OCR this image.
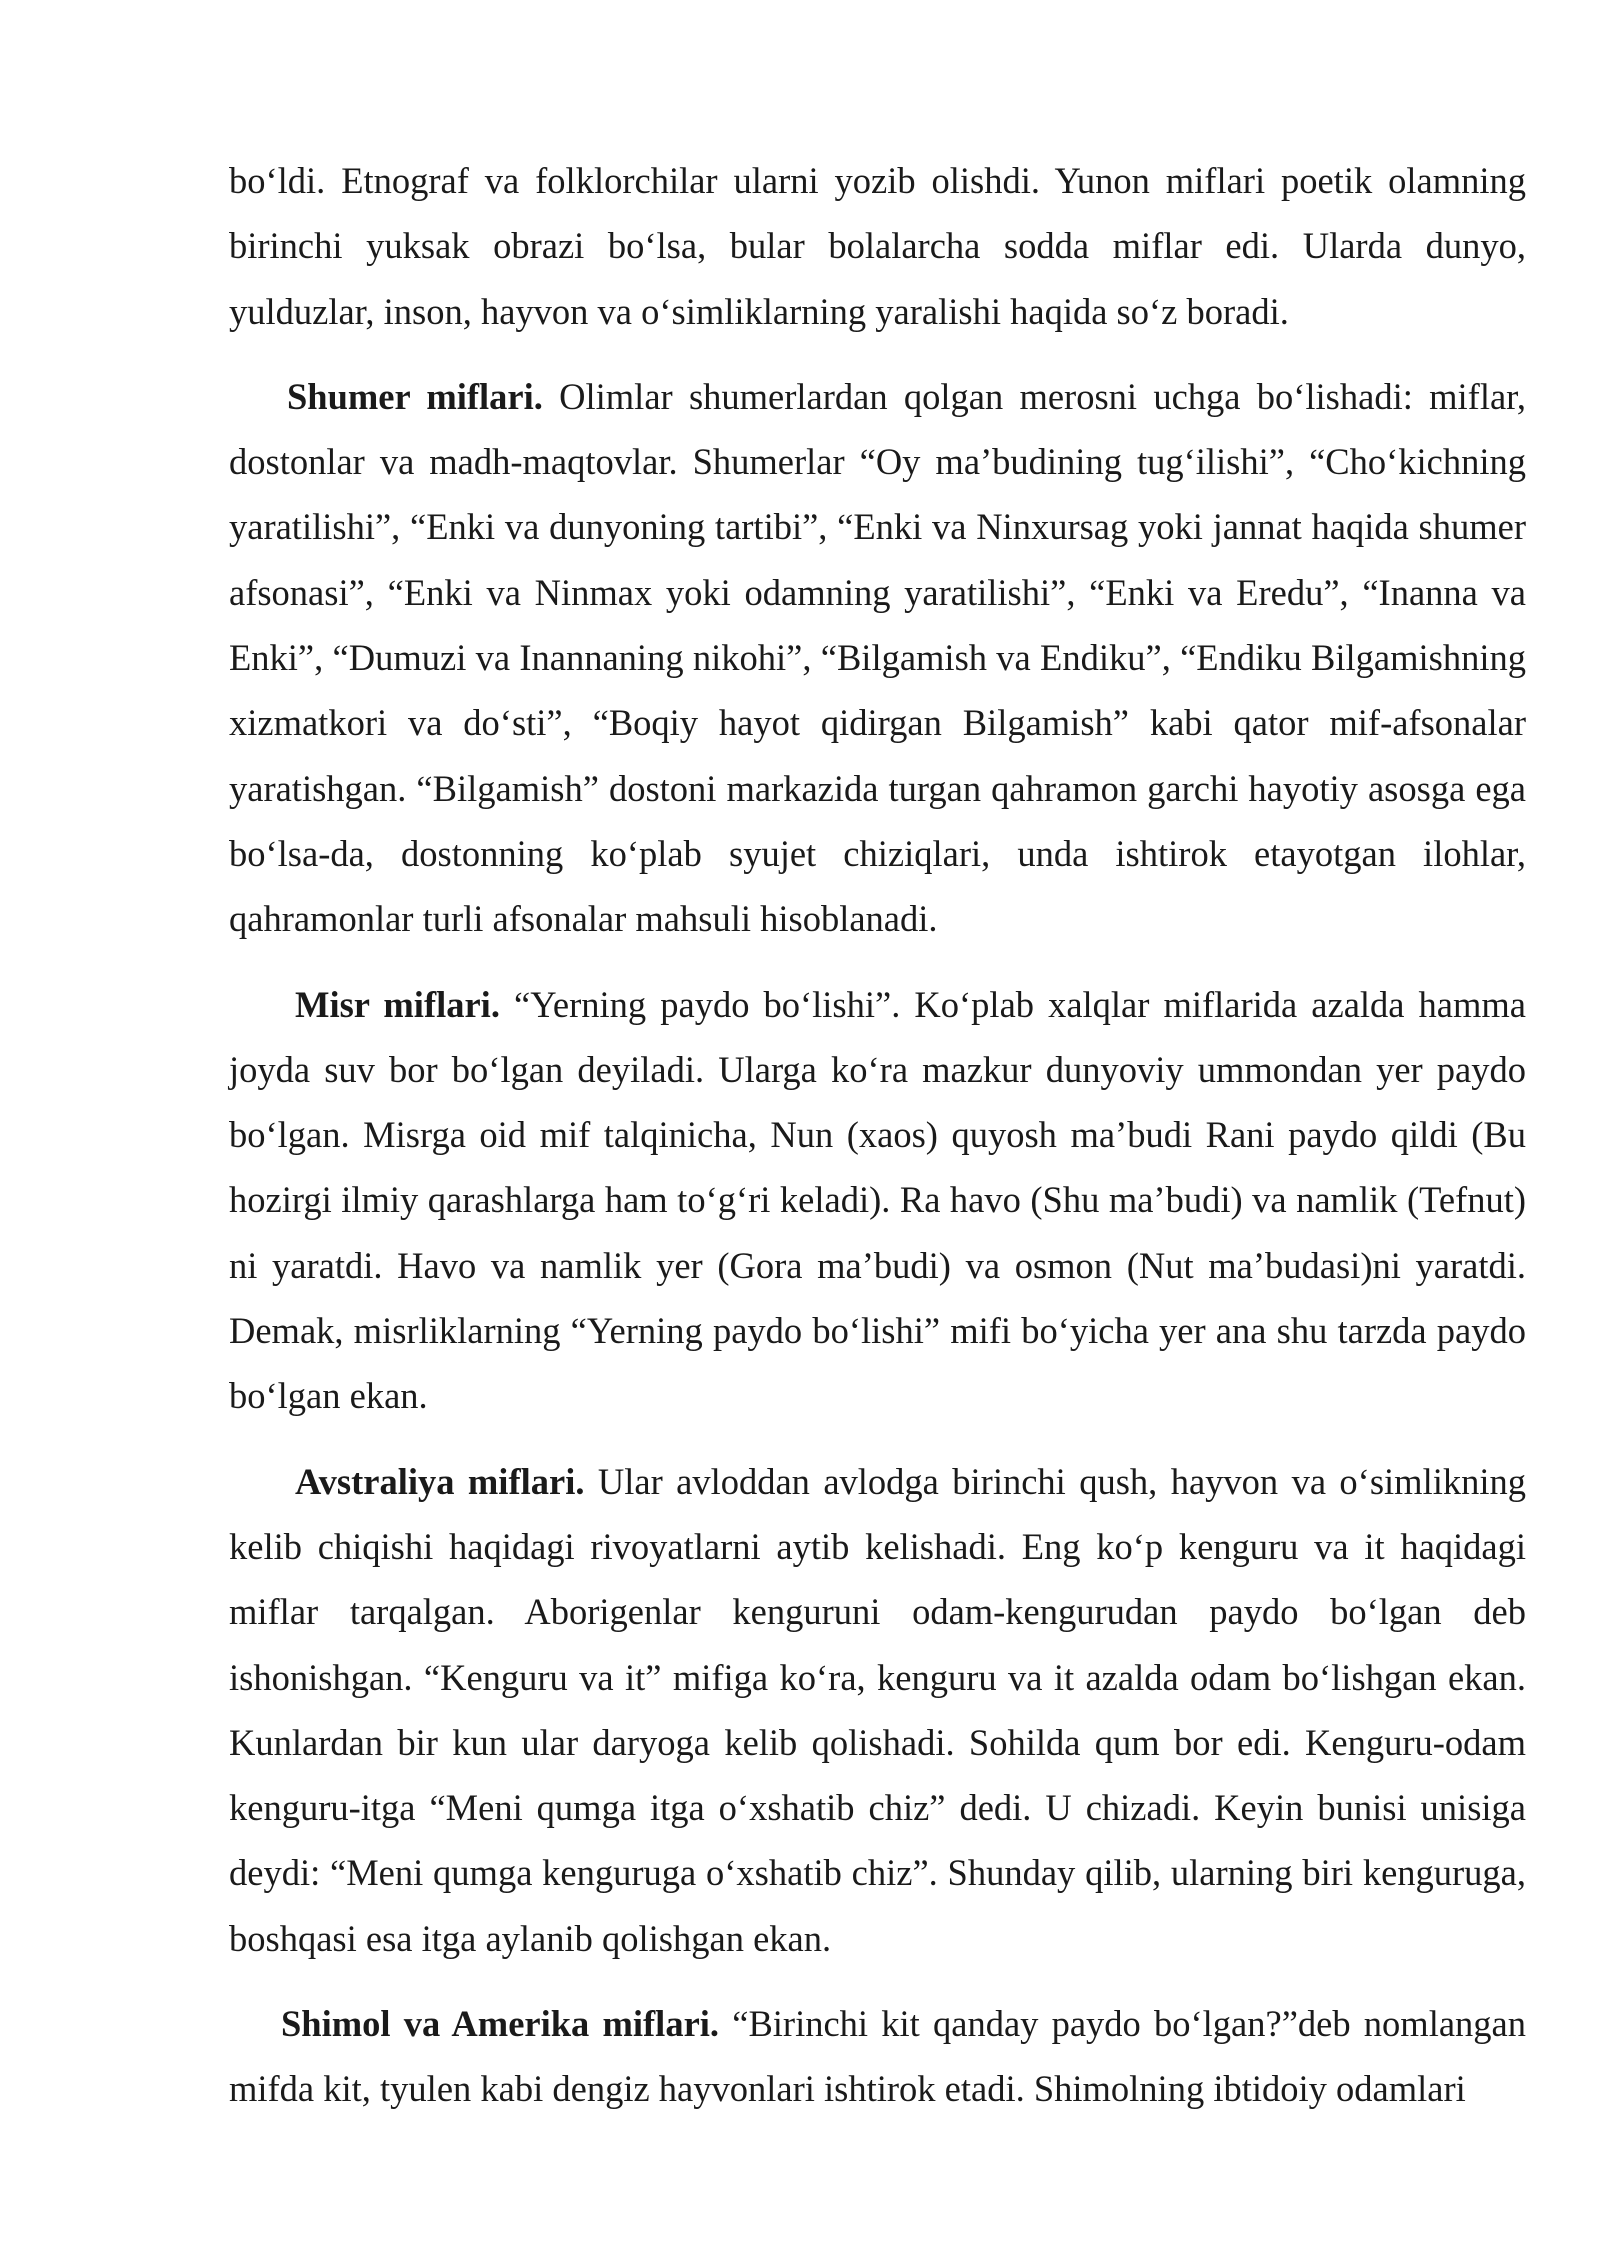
bo‘ldi. Etnograf va folklorchilar ularni yozib olishdi. Yunon miflari poetik olamning birinchi yuksak obrazi bo‘lsa, bular bolalarcha sodda miflar edi. Ularda dunyo, yulduzlar, inson, hayvon va o‘simliklarning yaralishi haqida so‘z boradi.

Shumer miflari. Olimlar shumerlardan qolgan merosni uchga bo‘lishadi: miflar, dostonlar va madh-maqtovlar. Shumerlar “Oy ma’budining tug‘ilishi”, “Cho‘kichning yaratilishi”, “Enki va dunyoning tartibi”, “Enki va Ninxursag yoki jannat haqida shumer afsonasi”, “Enki va Ninmax yoki odamning yaratilishi”, “Enki va Eredu”, “Inanna va Enki”, “Dumuzi va Inannaning nikohi”, “Bilgamish va Endiku”, “Endiku Bilgamishning xizmatkori va do‘sti”, “Boqiy hayot qidirgan Bilgamish” kabi qator mif-afsonalar yaratishgan. “Bilgamish” dostoni markazida turgan qahramon garchi hayotiy asosga ega bo‘lsa-da, dostonning ko‘plab syujet chiziqlari, unda ishtirok etayotgan ilohlar, qahramonlar turli afsonalar mahsuli hisoblanadi.

Misr miflari. “Yerning paydo bo‘lishi”. Ko‘plab xalqlar miflarida azalda hamma joyda suv bor bo‘lgan deyiladi. Ularga ko‘ra mazkur dunyoviy ummondan yer paydo bo‘lgan. Misrga oid mif talqinicha, Nun (xaos) quyosh ma’budi Rani paydo qildi (Bu hozirgi ilmiy qarashlarga ham to‘g‘ri keladi). Ra havo (Shu ma’budi) va namlik (Tefnut) ni yaratdi. Havo va namlik yer (Gora ma’budi) va osmon (Nut ma’budasi)ni yaratdi. Demak, misrliklarning “Yerning paydo bo‘lishi” mifi bo‘yicha yer ana shu tarzda paydo bo‘lgan ekan.

Avstraliya miflari. Ular avloddan avlodga birinchi qush, hayvon va o‘simlikning kelib chiqishi haqidagi rivoyatlarni aytib kelishadi. Eng ko‘p kenguru va it haqidagi miflar tarqalgan. Aborigenlar kenguruni odam-kengurudan paydo bo‘lgan deb ishonishgan. “Kenguru va it” mifiga ko‘ra, kenguru va it azalda odam bo‘lishgan ekan. Kunlardan bir kun ular daryoga kelib qolishadi. Sohilda qum bor edi. Kenguru-odam kenguru-itga “Meni qumga itga o‘xshatib chiz” dedi. U chizadi. Keyin bunisi unisiga deydi: “Meni qumga kenguruga o‘xshatib chiz”. Shunday qilib, ularning biri kenguruga, boshqasi esa itga aylanib qolishgan ekan.

Shimol va Amerika miflari. “Birinchi kit qanday paydo bo‘lgan?”deb nomlangan mifda kit, tyulen kabi dengiz hayvonlari ishtirok etadi. Shimolning ibtidoiy odamlari
